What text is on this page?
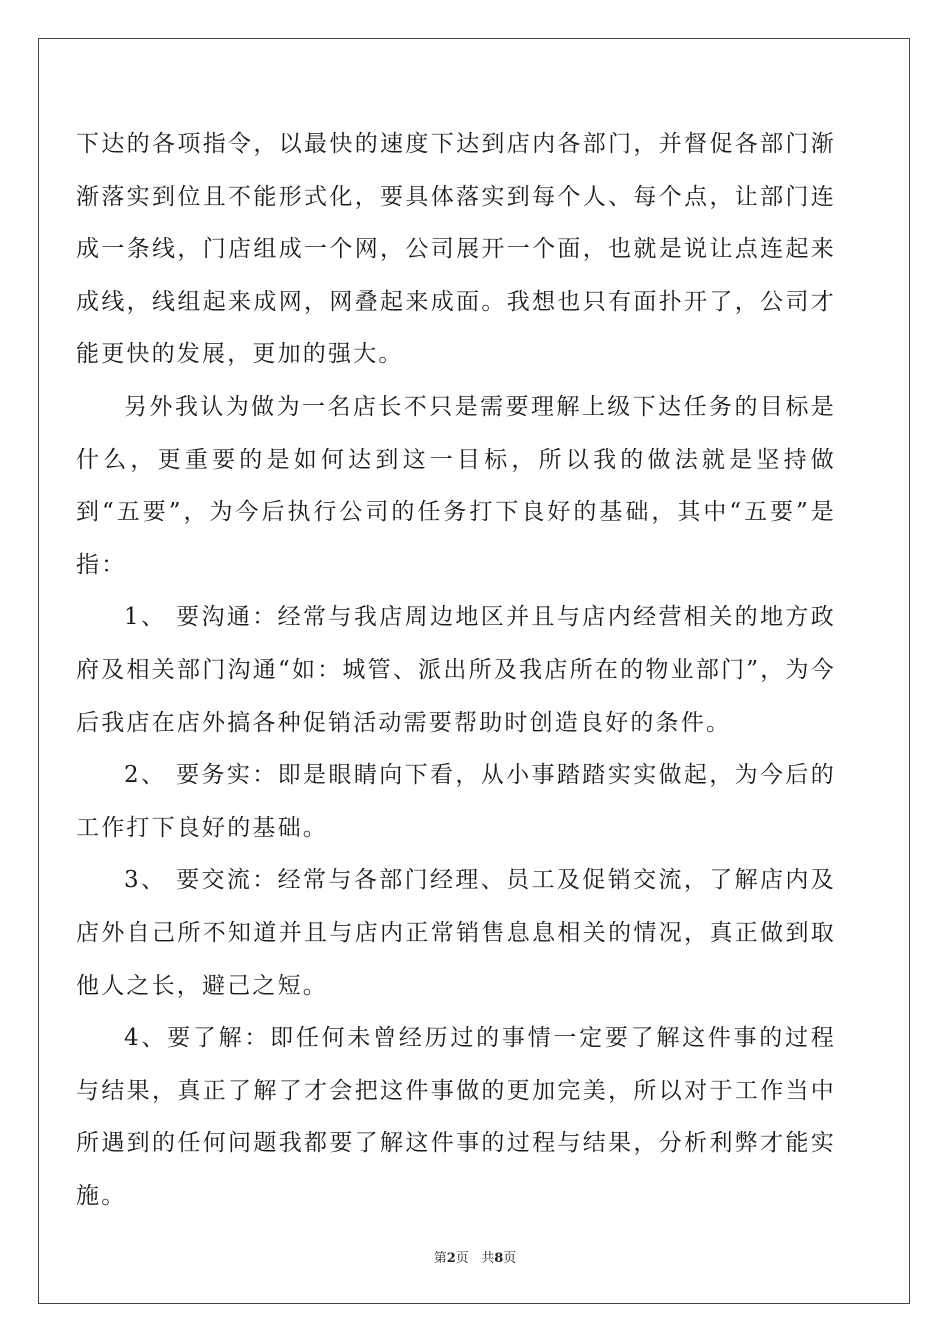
下达的各项指令，以最快的速度下达到店内各部门，并督促各部门渐渐落实到位且不能形式化，要具体落实到每个人、每个点，让部门连成一条线，门店组成一个网，公司展开一个面，也就是说让点连起来成线，线组起来成网，网叠起来成面。我想也只有面扑开了，公司才能更快的发展，更加的强大。

另外我认为做为一名店长不只是需要理解上级下达任务的目标是什么，更重要的是如何达到这一目标，所以我的做法就是坚持做到“五要”，为今后执行公司的任务打下良好的基础，其中“五要”是指：

1、 要沟通：经常与我店周边地区并且与店内经营相关的地方政府及相关部门沟通“如：城管、派出所及我店所在的物业部门”，为今后我店在店外搞各种促销活动需要帮助时创造良好的条件。

2、 要务实：即是眼睛向下看，从小事踏踏实实做起，为今后的工作打下良好的基础。

3、 要交流：经常与各部门经理、员工及促销交流，了解店内及店外自己所不知道并且与店内正常销售息息相关的情况，真正做到取他人之长，避己之短。

4、要了解：即任何未曾经历过的事情一定要了解这件事的过程与结果，真正了解了才会把这件事做的更加完美，所以对于工作当中所遇到的任何问题我都要了解这件事的过程与结果，分析利弊才能实施。

第2页 共8页
